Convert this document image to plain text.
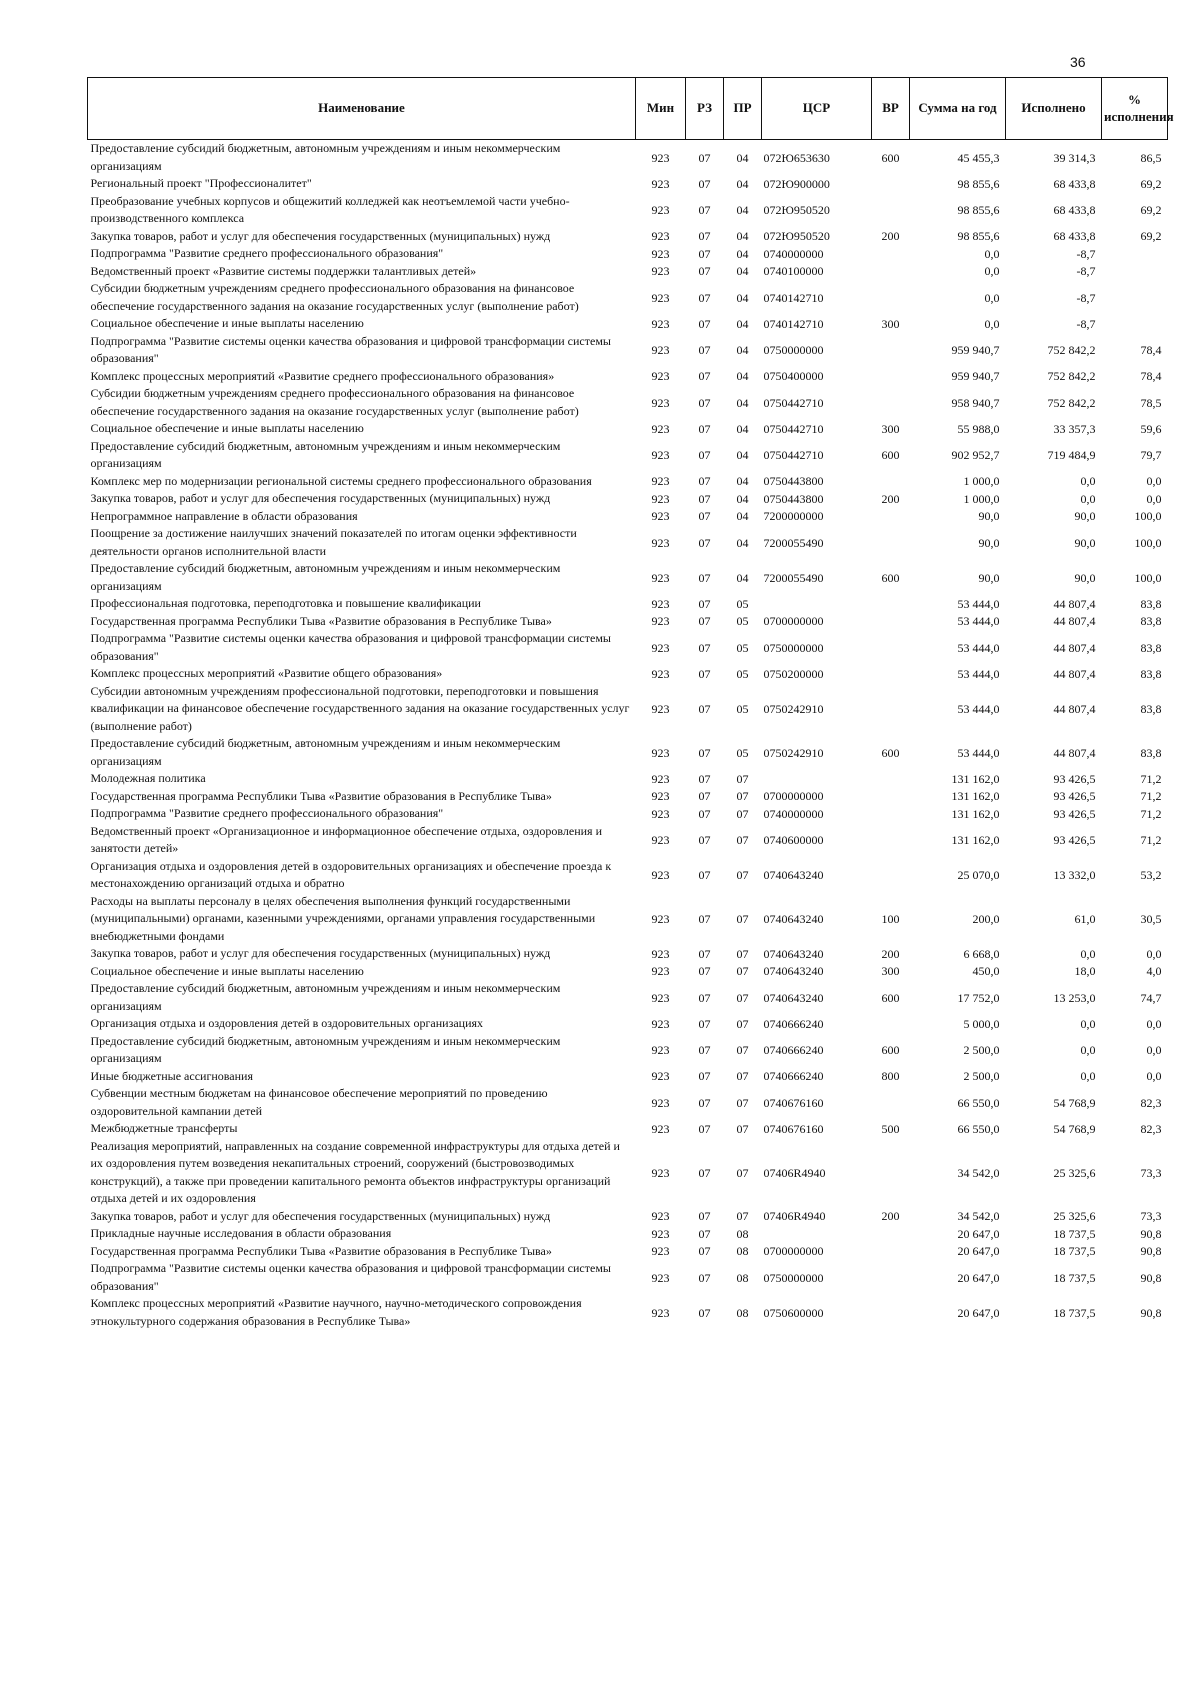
36
Наименование	Мин	РЗ	ПР	ЦСР	ВР	Сумма на год	Исполнено	% исполнения
Предоставление субсидий бюджетным, автономным учреждениям и иным некоммерческим организациям	923	07	04	072Ю653630	600	45 455,3	39 314,3	86,5
Региональный проект "Профессионалитет"	923	07	04	072Ю900000		98 855,6	68 433,8	69,2
Преобразование учебных корпусов и общежитий колледжей как неотъемлемой части учебно-производственного комплекса	923	07	04	072Ю950520		98 855,6	68 433,8	69,2
Закупка товаров, работ и услуг для обеспечения государственных (муниципальных) нужд	923	07	04	072Ю950520	200	98 855,6	68 433,8	69,2
Подпрограмма "Развитие среднего профессионального образования"	923	07	04	0740000000		0,0	-8,7	
Ведомственный проект «Развитие системы поддержки талантливых детей»	923	07	04	0740100000		0,0	-8,7	
Субсидии бюджетным учреждениям среднего профессионального образования на финансовое обеспечение государственного задания на оказание государственных услуг (выполнение работ)	923	07	04	0740142710		0,0	-8,7	
Социальное обеспечение и иные выплаты населению	923	07	04	0740142710	300	0,0	-8,7	
Подпрограмма "Развитие системы оценки качества образования и цифровой трансформации системы образования"	923	07	04	0750000000		959 940,7	752 842,2	78,4
Комплекс процессных мероприятий «Развитие среднего профессионального образования»	923	07	04	0750400000		959 940,7	752 842,2	78,4
Субсидии бюджетным учреждениям среднего профессионального образования на финансовое обеспечение государственного задания на оказание государственных услуг (выполнение работ)	923	07	04	0750442710		958 940,7	752 842,2	78,5
Социальное обеспечение и иные выплаты населению	923	07	04	0750442710	300	55 988,0	33 357,3	59,6
Предоставление субсидий бюджетным, автономным учреждениям и иным некоммерческим организациям	923	07	04	0750442710	600	902 952,7	719 484,9	79,7
Комплекс мер по модернизации региональной системы среднего профессионального образования	923	07	04	0750443800		1 000,0	0,0	0,0
Закупка товаров, работ и услуг для обеспечения государственных (муниципальных) нужд	923	07	04	0750443800	200	1 000,0	0,0	0,0
Непрограммное направление в области образования	923	07	04	7200000000		90,0	90,0	100,0
Поощрение за достижение наилучших значений показателей по итогам оценки эффективности деятельности органов исполнительной власти	923	07	04	7200055490		90,0	90,0	100,0
Предоставление субсидий бюджетным, автономным учреждениям и иным некоммерческим организациям	923	07	04	7200055490	600	90,0	90,0	100,0
Профессиональная подготовка, переподготовка и повышение квалификации	923	07	05			53 444,0	44 807,4	83,8
Государственная программа Республики Тыва «Развитие образования в Республике Тыва»	923	07	05	0700000000		53 444,0	44 807,4	83,8
Подпрограмма "Развитие системы оценки качества образования и цифровой трансформации системы образования"	923	07	05	0750000000		53 444,0	44 807,4	83,8
Комплекс процессных мероприятий «Развитие общего образования»	923	07	05	0750200000		53 444,0	44 807,4	83,8
Субсидии автономным учреждениям профессиональной подготовки, переподготовки и повышения квалификации на финансовое обеспечение государственного задания на оказание государственных услуг (выполнение работ)	923	07	05	0750242910		53 444,0	44 807,4	83,8
Предоставление субсидий бюджетным, автономным учреждениям и иным некоммерческим организациям	923	07	05	0750242910	600	53 444,0	44 807,4	83,8
Молодежная политика	923	07	07			131 162,0	93 426,5	71,2
Государственная программа Республики Тыва «Развитие образования в Республике Тыва»	923	07	07	0700000000		131 162,0	93 426,5	71,2
Подпрограмма "Развитие среднего профессионального образования"	923	07	07	0740000000		131 162,0	93 426,5	71,2
Ведомственный проект «Организационное и информационное обеспечение отдыха, оздоровления и занятости детей»	923	07	07	0740600000		131 162,0	93 426,5	71,2
Организация отдыха и оздоровления детей в оздоровительных организациях и обеспечение проезда к местонахождению организаций отдыха и обратно	923	07	07	0740643240		25 070,0	13 332,0	53,2
Расходы на выплаты персоналу в целях обеспечения выполнения функций государственными (муниципальными) органами, казенными учреждениями, органами управления государственными внебюджетными фондами	923	07	07	0740643240	100	200,0	61,0	30,5
Закупка товаров, работ и услуг для обеспечения государственных (муниципальных) нужд	923	07	07	0740643240	200	6 668,0	0,0	0,0
Социальное обеспечение и иные выплаты населению	923	07	07	0740643240	300	450,0	18,0	4,0
Предоставление субсидий бюджетным, автономным учреждениям и иным некоммерческим организациям	923	07	07	0740643240	600	17 752,0	13 253,0	74,7
Организация отдыха и оздоровления детей в оздоровительных организациях	923	07	07	0740666240		5 000,0	0,0	0,0
Предоставление субсидий бюджетным, автономным учреждениям и иным некоммерческим организациям	923	07	07	0740666240	600	2 500,0	0,0	0,0
Иные бюджетные ассигнования	923	07	07	0740666240	800	2 500,0	0,0	0,0
Субвенции местным бюджетам на финансовое обеспечение мероприятий по проведению оздоровительной кампании детей	923	07	07	0740676160		66 550,0	54 768,9	82,3
Межбюджетные трансферты	923	07	07	0740676160	500	66 550,0	54 768,9	82,3
Реализация мероприятий, направленных на создание современной инфраструктуры для отдыха детей и их оздоровления путем возведения некапитальных строений, сооружений (быстровозводимых конструкций), а также при проведении капитального ремонта объектов инфраструктуры организаций отдыха детей и их оздоровления	923	07	07	07406R4940		34 542,0	25 325,6	73,3
Закупка товаров, работ и услуг для обеспечения государственных (муниципальных) нужд	923	07	07	07406R4940	200	34 542,0	25 325,6	73,3
Прикладные научные исследования в области образования	923	07	08			20 647,0	18 737,5	90,8
Государственная программа Республики Тыва «Развитие образования в Республике Тыва»	923	07	08	0700000000		20 647,0	18 737,5	90,8
Подпрограмма "Развитие системы оценки качества образования и цифровой трансформации системы образования"	923	07	08	0750000000		20 647,0	18 737,5	90,8
Комплекс процессных мероприятий «Развитие научного, научно-методического сопровождения этнокультурного содержания образования в Республике Тыва»	923	07	08	0750600000		20 647,0	18 737,5	90,8
